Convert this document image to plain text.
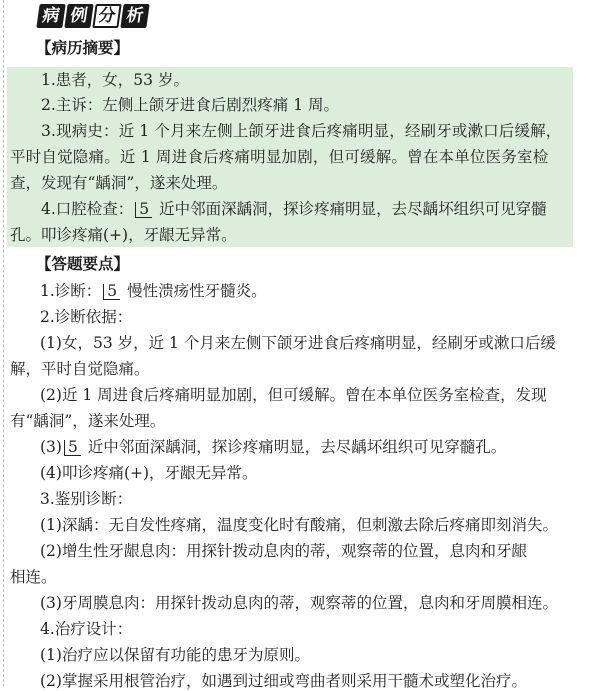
病 例 分 析
【病历摘要】
1.患者，女，53 岁。
2.主诉：左侧上颌牙进食后剧烈疼痛 1 周。
3.现病史：近 1 个月来左侧上颌牙进食后疼痛明显，经刷牙或漱口后缓解，
平时自觉隐痛。近 1 周进食后疼痛明显加剧，但可缓解。曾在本单位医务室检
查，发现有“龋洞”，遂来处理。
4.口腔检查： 5 近中邻面深龋洞，探诊疼痛明显，去尽龋坏组织可见穿髓
孔。叩诊疼痛(+)，牙龈无异常。
【答题要点】
1.诊断： 5 慢性溃疡性牙髓炎。
2.诊断依据：
(1)女，53 岁，近 1 个月来左侧下颌牙进食后疼痛明显，经刷牙或漱口后缓
解，平时自觉隐痛。
(2)近 1 周进食后疼痛明显加剧，但可缓解。曾在本单位医务室检查，发现
有“龋洞”，遂来处理。
(3) 5 近中邻面深龋洞，探诊疼痛明显，去尽龋坏组织可见穿髓孔。
(4)叩诊疼痛(+)，牙龈无异常。
3.鉴别诊断：
(1)深龋：无自发性疼痛，温度变化时有酸痛，但刺激去除后疼痛即刻消失。
(2)增生性牙龈息肉：用探针拨动息肉的蒂，观察蒂的位置，息肉和牙龈
相连。
(3)牙周膜息肉：用探针拨动息肉的蒂，观察蒂的位置，息肉和牙周膜相连。
4.治疗设计：
(1)治疗应以保留有功能的患牙为原则。
(2)掌握采用根管治疗，如遇到过细或弯曲者则采用干髓术或塑化治疗。
